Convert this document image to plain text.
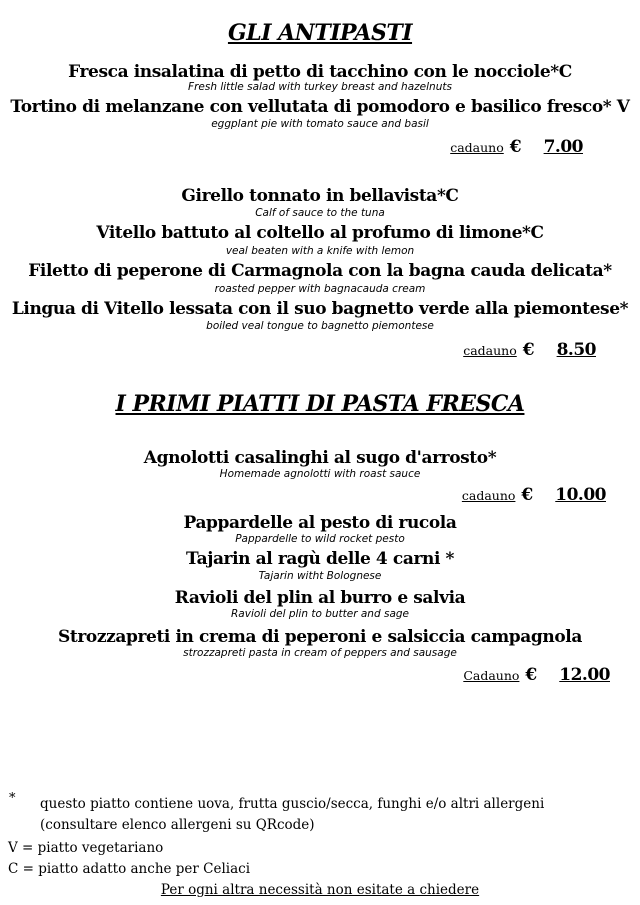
GLI ANTIPASTI
Fresca insalatina di petto di tacchino con le nocciole*C
Fresh little salad with turkey breast and hazelnuts
Tortino di melanzane con vellutata di pomodoro e basilico fresco* V
eggplant pie with tomato sauce and basil
cadauno € 7.00
Girello tonnato in bellavista*C
Calf of sauce to the tuna
Vitello battuto al coltello al profumo di limone*C
veal beaten with a knife with lemon
Filetto di peperone di Carmagnola con la bagna cauda delicata*
roasted pepper with bagnacauda cream
Lingua di Vitello lessata con il suo bagnetto verde alla piemontese*
boiled veal tongue to bagnetto piemontese
cadauno € 8.50
I PRIMI PIATTI DI PASTA FRESCA
Agnolotti casalinghi al sugo d'arrosto*
Homemade agnolotti with roast sauce
cadauno € 10.00
Pappardelle al pesto di rucola
Pappardelle to wild rocket pesto
Tajarin al ragù delle 4 carni *
Tajarin witht Bolognese
Ravioli del plin al burro e salvia
Ravioli del plin to butter and sage
Strozzapreti in crema di peperoni e salsiccia campagnola
strozzapreti pasta in cream of peppers and sausage
Cadauno € 12.00
* questo piatto contiene uova, frutta guscio/secca, funghi e/o altri allergeni
(consultare elenco allergeni su QRcode)
V = piatto vegetariano
C = piatto adatto anche per Celiaci
Per ogni altra necessità non esitate a chiedere
